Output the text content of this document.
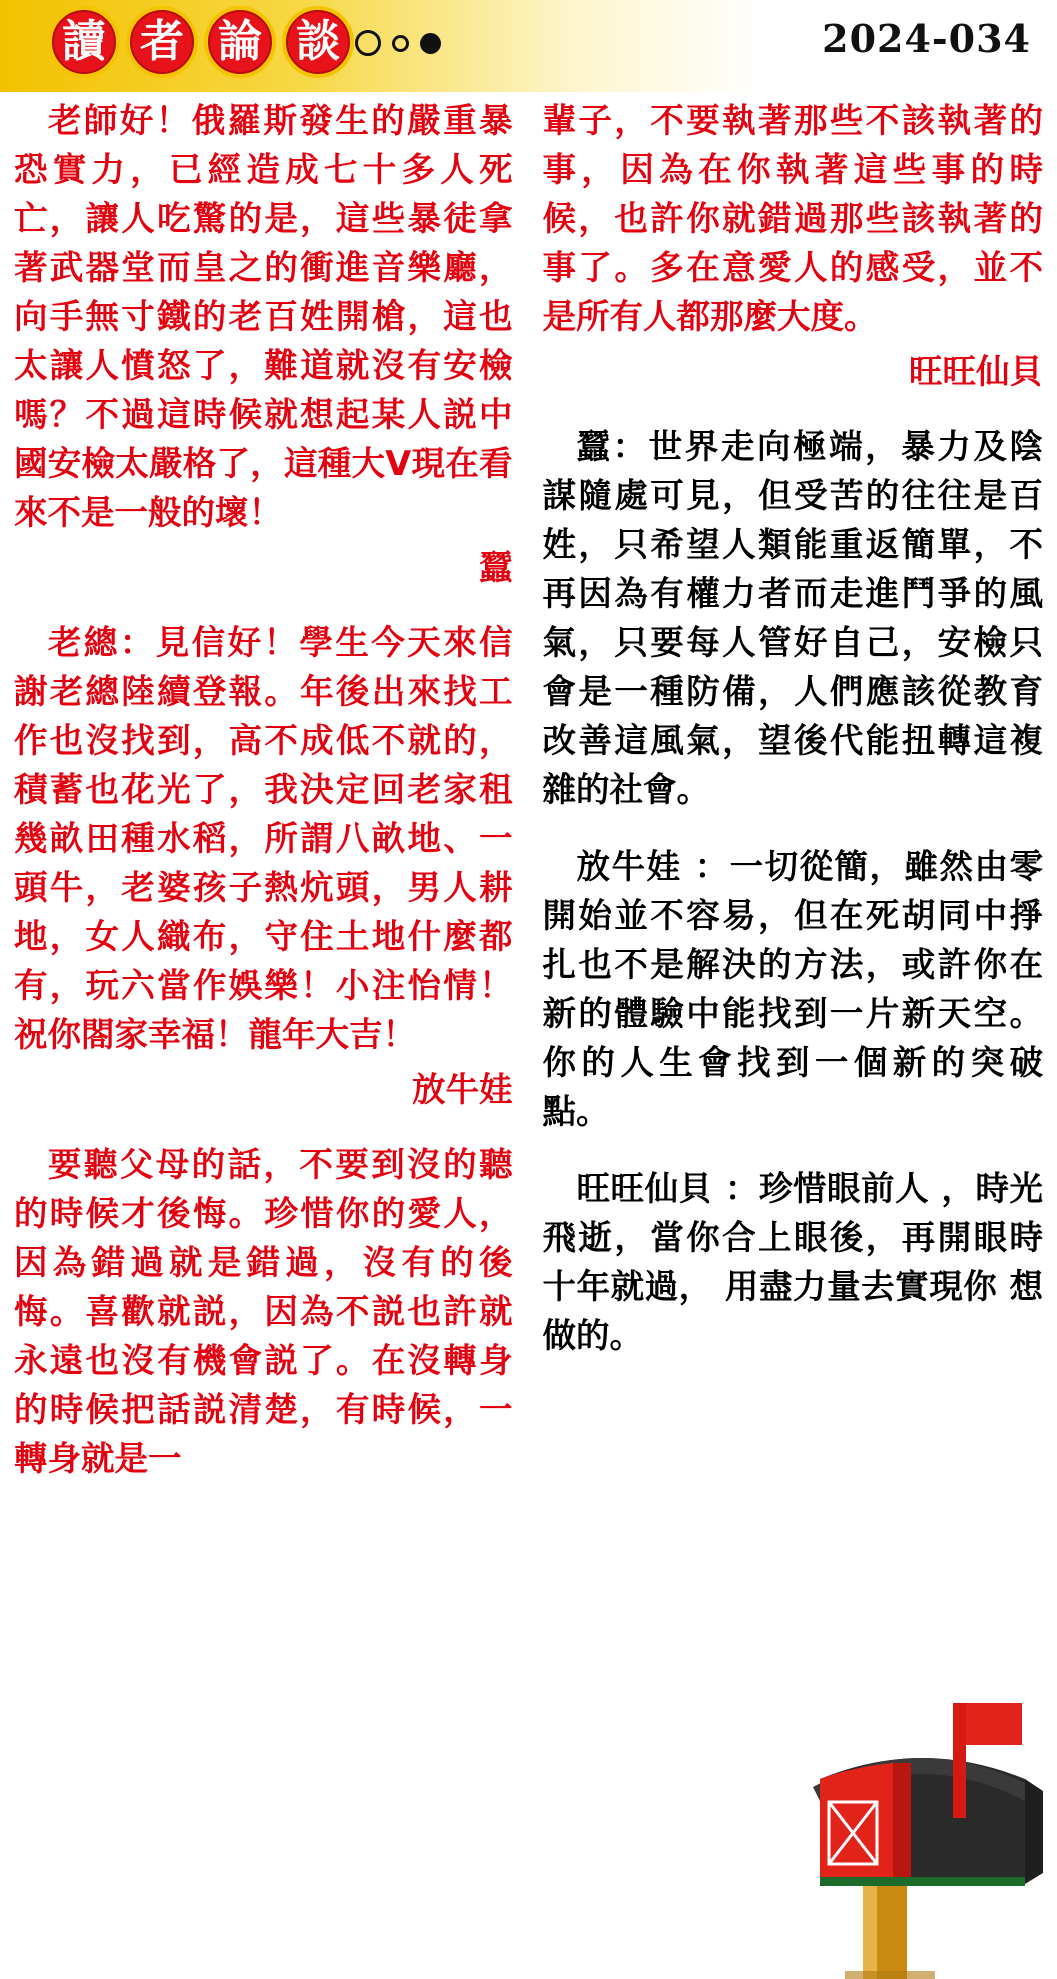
讀 者 論 談	2024-034

老師好！俄羅斯發生的嚴重暴恐實力，已經造成七十多人死亡，讓人吃驚的是，這些暴徒拿著武器堂而皇之的衝進音樂廳，向手無寸鐵的老百姓開槍，這也太讓人憤怒了，難道就沒有安檢嗎？不過這時候就想起某人説中國安檢太嚴格了，這種大V現在看來不是一般的壞！

蠶

老總：見信好！學生今天來信謝老總陸續登報。年後出來找工作也沒找到，高不成低不就的，積蓄也花光了，我決定回老家租幾畝田種水稻，所謂八畝地、一頭牛，老婆孩子熱炕頭，男人耕地，女人織布，守住土地什麼都有，玩六當作娛樂！小注怡情！祝你閤家幸福！龍年大吉！

放牛娃

要聽父母的話，不要到沒的聽的時候才後悔。珍惜你的愛人，因為錯過就是錯過，沒有的後悔。喜歡就説，因為不説也許就永遠也沒有機會説了。在沒轉身的時候把話説清楚，有時候，一轉身就是一

輩子，不要執著那些不該執著的事，因為在你執著這些事的時候，也許你就錯過那些該執著的事了。多在意愛人的感受，並不是所有人都那麼大度。

旺旺仙貝

蠶：世界走向極端，暴力及陰謀隨處可見，但受苦的往往是百姓，只希望人類能重返簡單，不再因為有權力者而走進鬥爭的風氣，只要每人管好自己，安檢只會是一種防備，人們應該從教育改善這風氣，望後代能扭轉這複雜的社會。

放牛娃 ：一切從簡，雖然由零開始並不容易，但在死胡同中掙扎也不是解決的方法，或許你在新的體驗中能找到一片新天空。你的人生會找到一個新的突破點。

旺旺仙貝 ：珍惜眼前人 ，時光飛逝，當你合上眼後，再開眼時十年就過， 用盡力量去實現你 想 做的。
